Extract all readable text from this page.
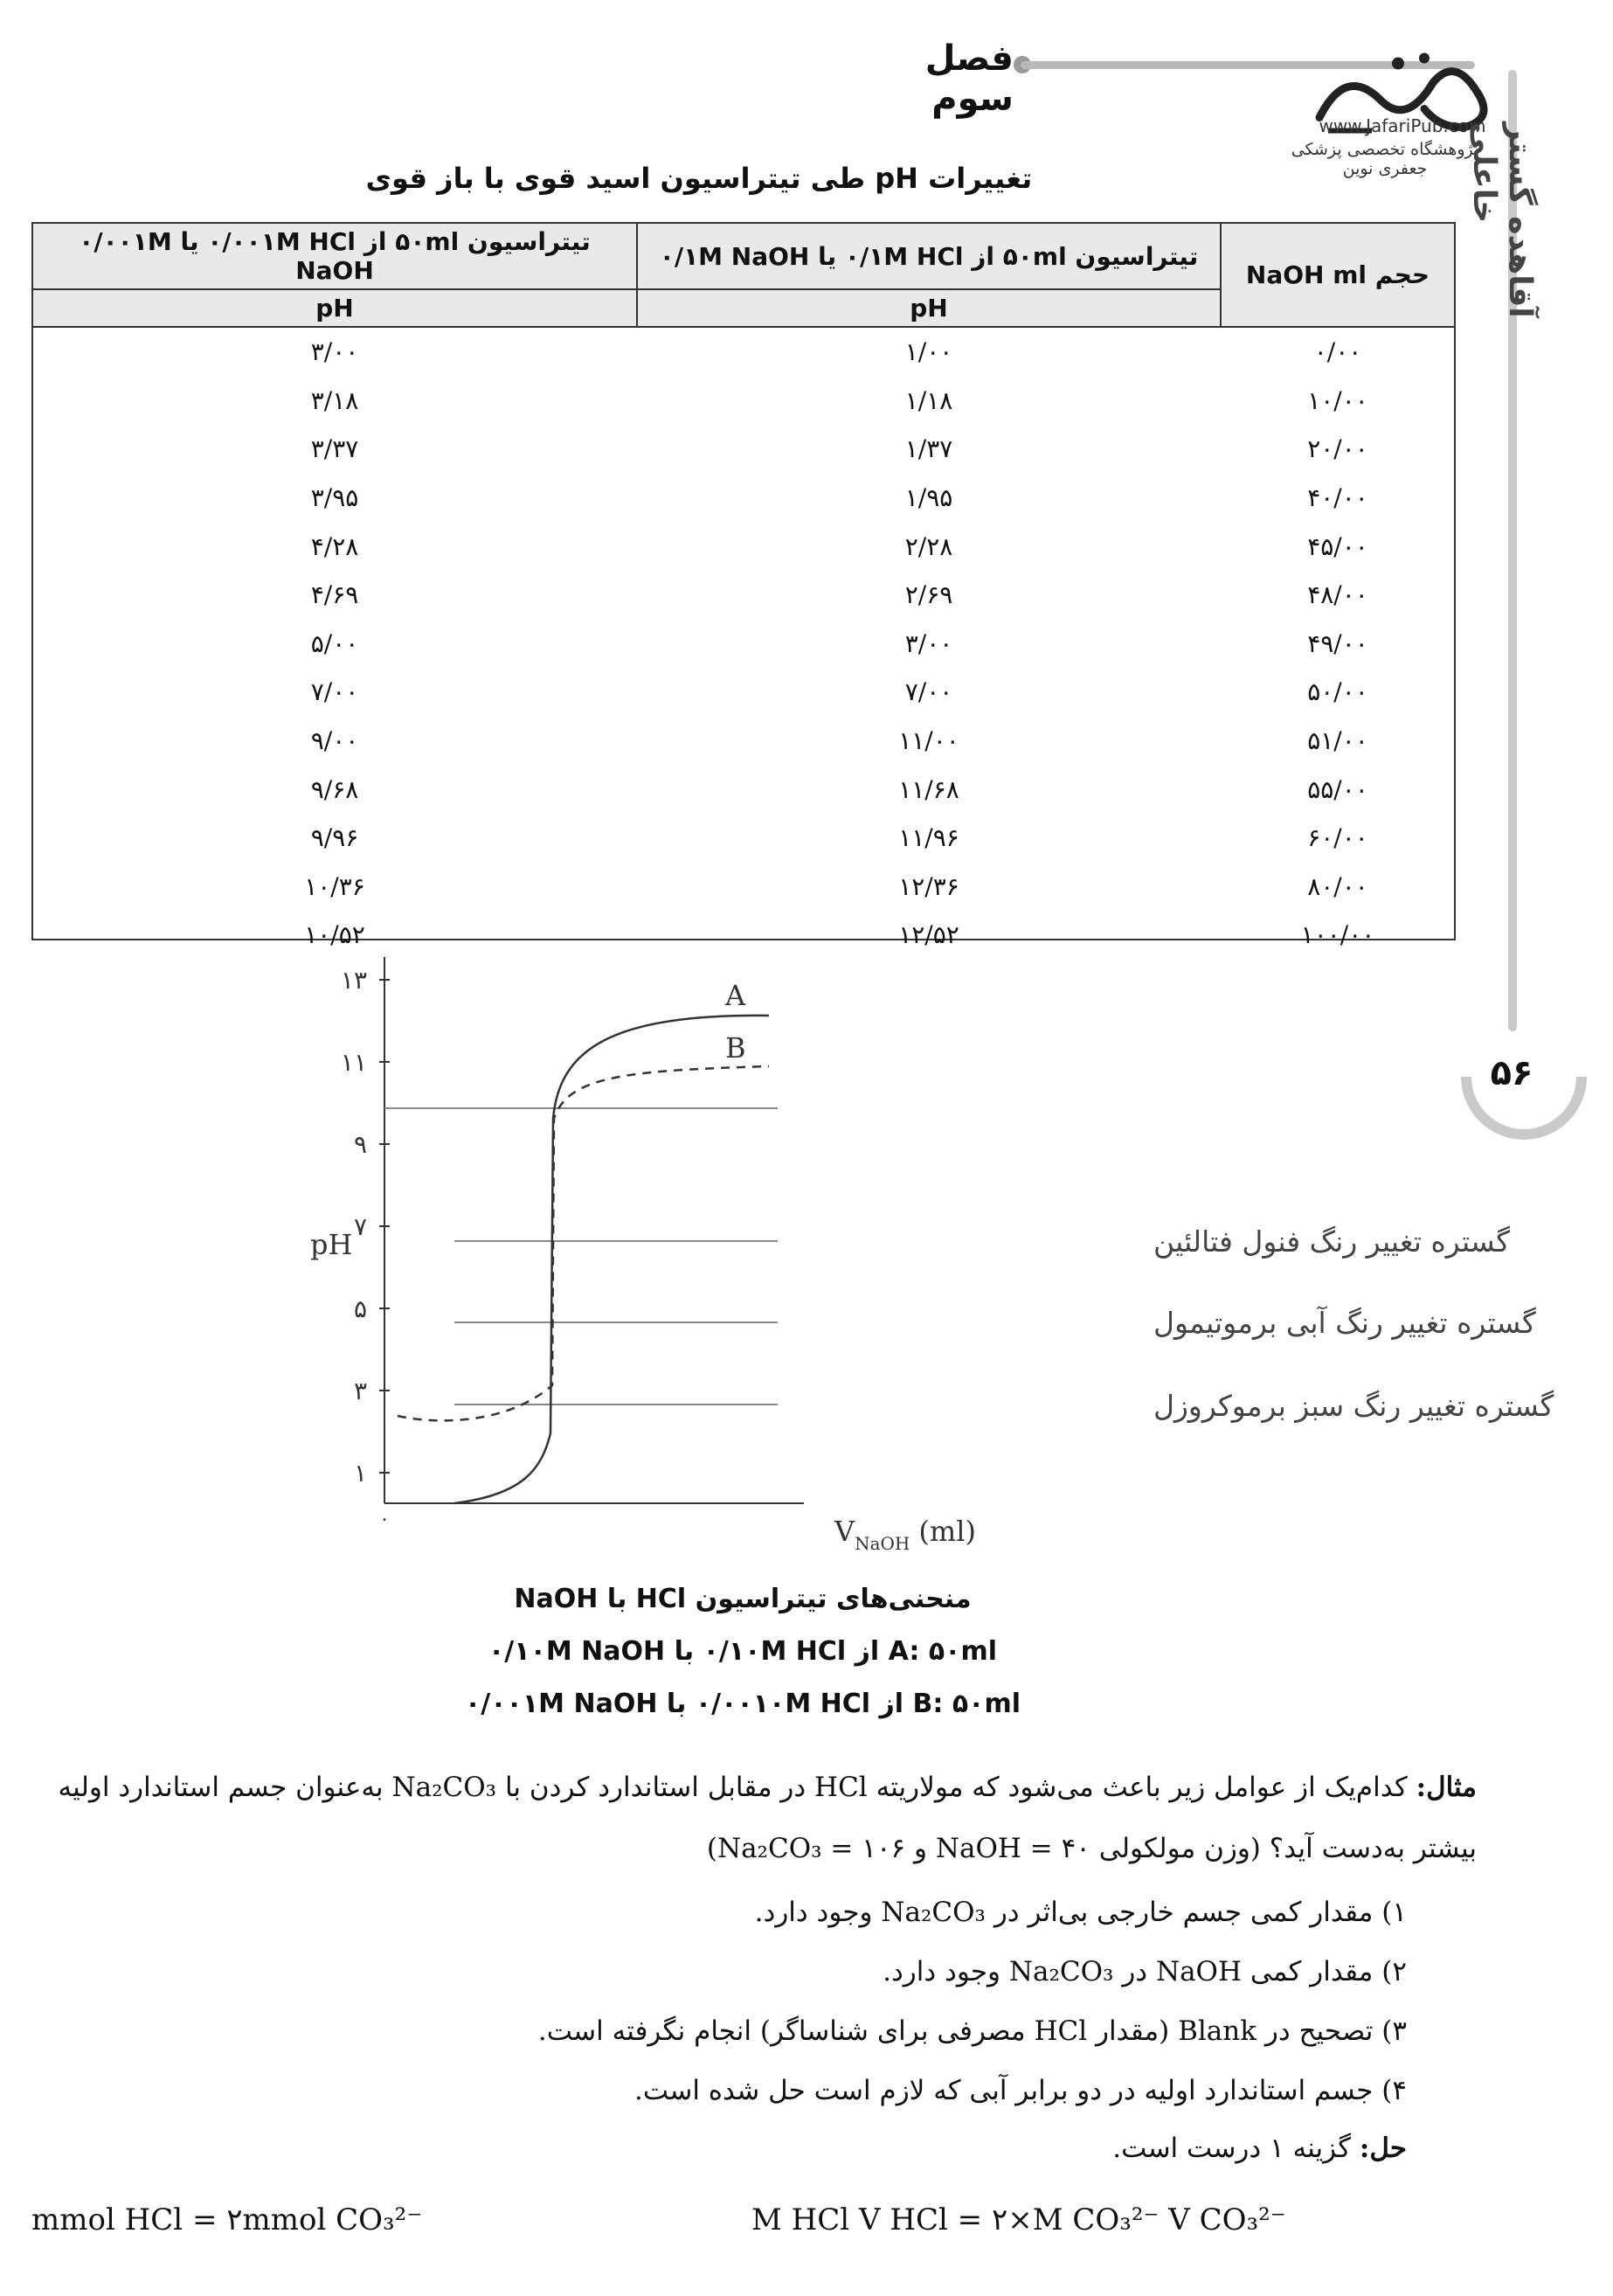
فصل سوم
www.JafariPub.com
پژوهشگاه تخصصی پزشکی جعفری نوین	آقاهده گستر خاعلی
۵۶
تغییرات pH طی تیتراسیون اسید قوی با باز قوی
حجم NaOH ml	تیتراسیون ۵۰ml از ۰/۱M HCl یا ۰/۱M NaOH	تیتراسیون ۵۰ml از ۰/۰۰۱M HCl یا ۰/۰۰۱M NaOH
	pH	pH
۰/۰۰	۱/۰۰	۳/۰۰
۱۰/۰۰	۱/۱۸	۳/۱۸
۲۰/۰۰	۱/۳۷	۳/۳۷
۴۰/۰۰	۱/۹۵	۳/۹۵
۴۵/۰۰	۲/۲۸	۴/۲۸
۴۸/۰۰	۲/۶۹	۴/۶۹
۴۹/۰۰	۳/۰۰	۵/۰۰
۵۰/۰۰	۷/۰۰	۷/۰۰
۵۱/۰۰	۱۱/۰۰	۹/۰۰
۵۵/۰۰	۱۱/۶۸	۹/۶۸
۶۰/۰۰	۱۱/۹۶	۹/۹۶
۸۰/۰۰	۱۲/۳۶	۱۰/۳۶
۱۰۰/۰۰	۱۲/۵۲	۱۰/۵۲
۱
۳
۵
۷
۹
۱۱
۱۳
pH
۰	$V_{NaOH}$ (ml)
گستره تغییر رنگ فنول فتالئین
گستره تغییر رنگ آبی برموتیمول
گستره تغییر رنگ سبز برموکروزل
A
B
منحنی‌های تیتراسیون HCl با NaOH
A: ۵۰ml از ۰/۱۰M HCl با ۰/۱۰M NaOH
B: ۵۰ml از ۰/۰۰۱۰M HCl با ۰/۰۰۱M NaOH
مثال: کدام‌یک از عوامل زیر باعث می‌شود که مولاریته HCl در مقابل استاندارد کردن با Na₂CO₃ به‌عنوان جسم استاندارد اولیه بیشتر به‌دست آید؟ (وزن مولکولی NaOH = ۴۰ و Na₂CO₃ = ۱۰۶)
۱) مقدار کمی جسم خارجی بی‌اثر در Na₂CO₃ وجود دارد.
۲) مقدار کمی NaOH در Na₂CO₃ وجود دارد.
۳) تصحیح در Blank (مقدار HCl مصرفی برای شناساگر) انجام نگرفته است.
۴) جسم استاندارد اولیه در دو برابر آبی که لازم است حل شده است.
حل: گزینه ۱ درست است.
mmol HCl = ۲mmol CO₃²⁻	M HCl V HCl = ۲×M CO₃²⁻ V CO₃²⁻
